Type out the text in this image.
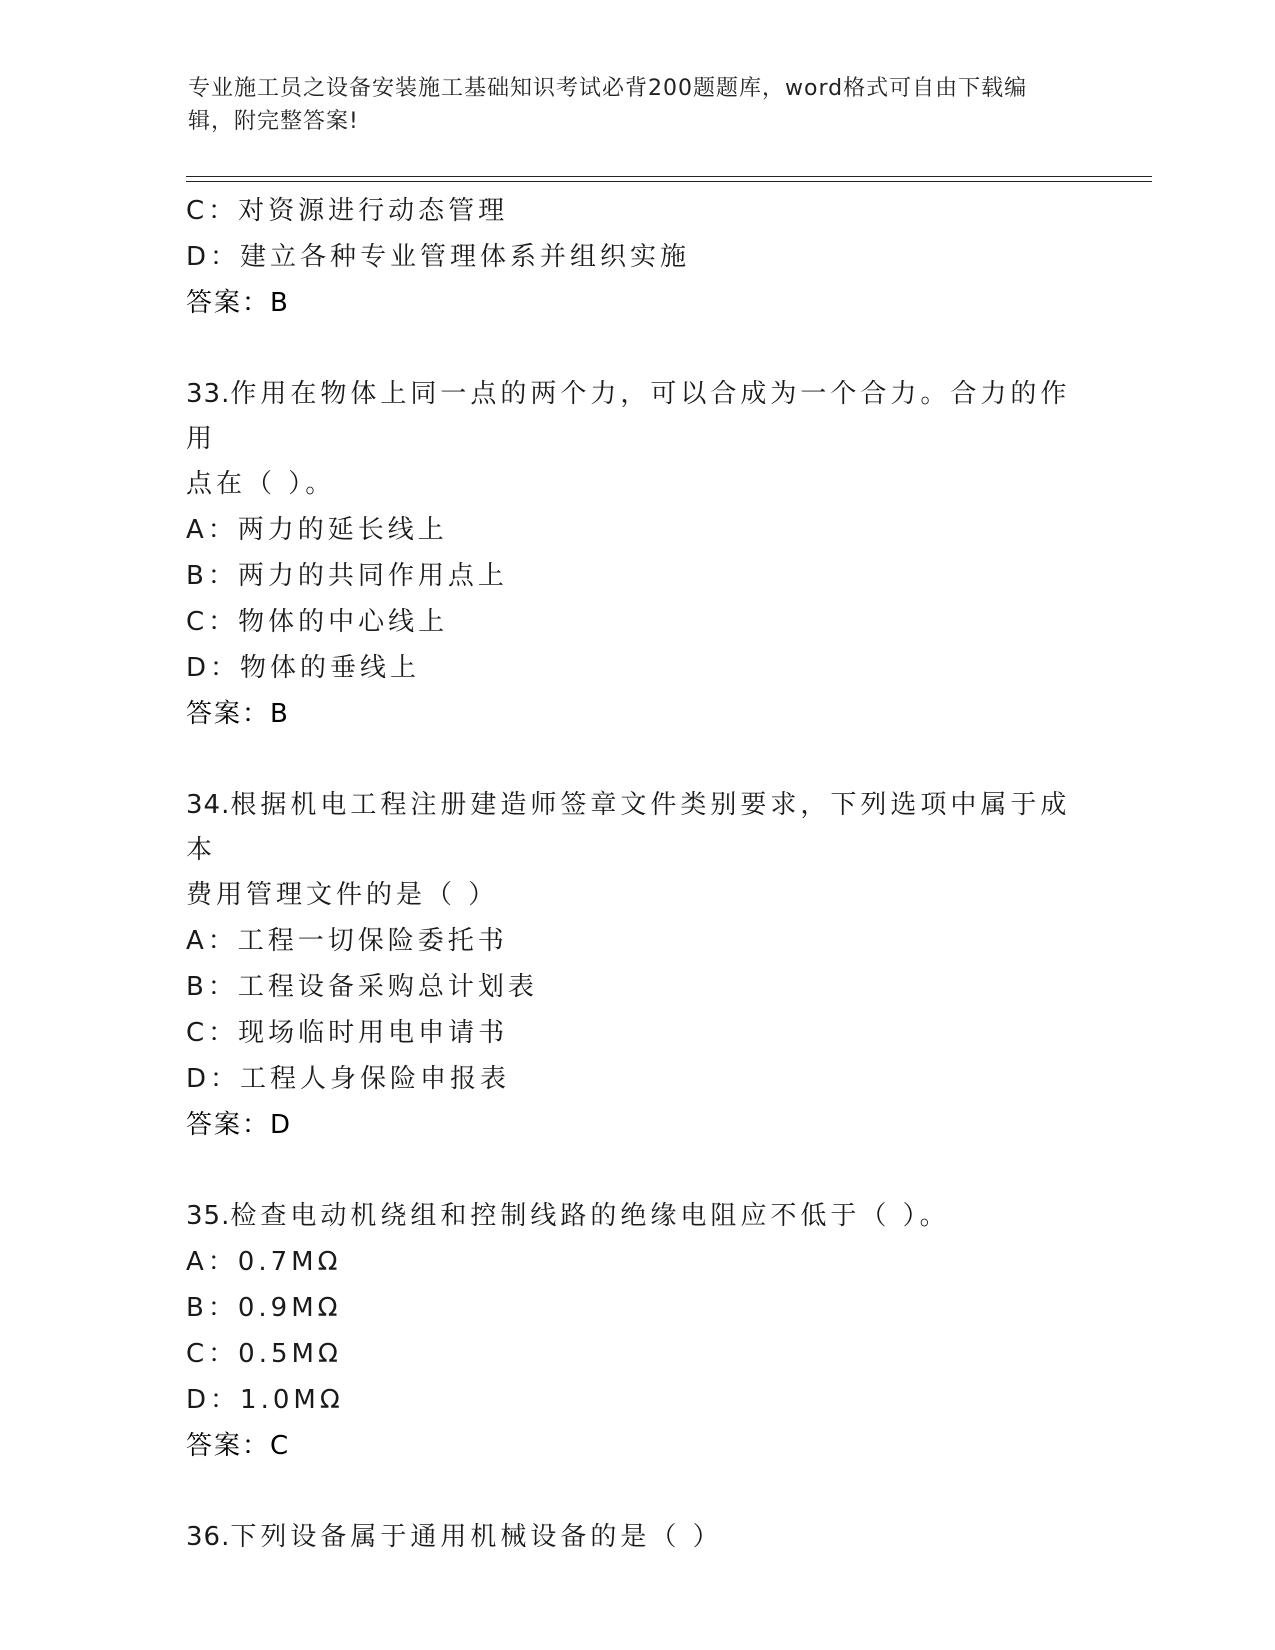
专业施工员之设备安装施工基础知识考试必背200题题库，word格式可自由下载编辑，附完整答案!
C：对资源进行动态管理
D：建立各种专业管理体系并组织实施
答案：B
33.作用在物体上同一点的两个力，可以合成为一个合力。合力的作用
点在（ ）。
A：两力的延长线上
B：两力的共同作用点上
C：物体的中心线上
D：物体的垂线上
答案：B
34.根据机电工程注册建造师签章文件类别要求，下列选项中属于成本
费用管理文件的是（ ）
A：工程一切保险委托书
B：工程设备采购总计划表
C：现场临时用电申请书
D：工程人身保险申报表
答案：D
35.检查电动机绕组和控制线路的绝缘电阻应不低于（ ）。
A：0.7MΩ
B：0.9MΩ
C：0.5MΩ
D：1.0MΩ
答案：C
36.下列设备属于通用机械设备的是（ ）
